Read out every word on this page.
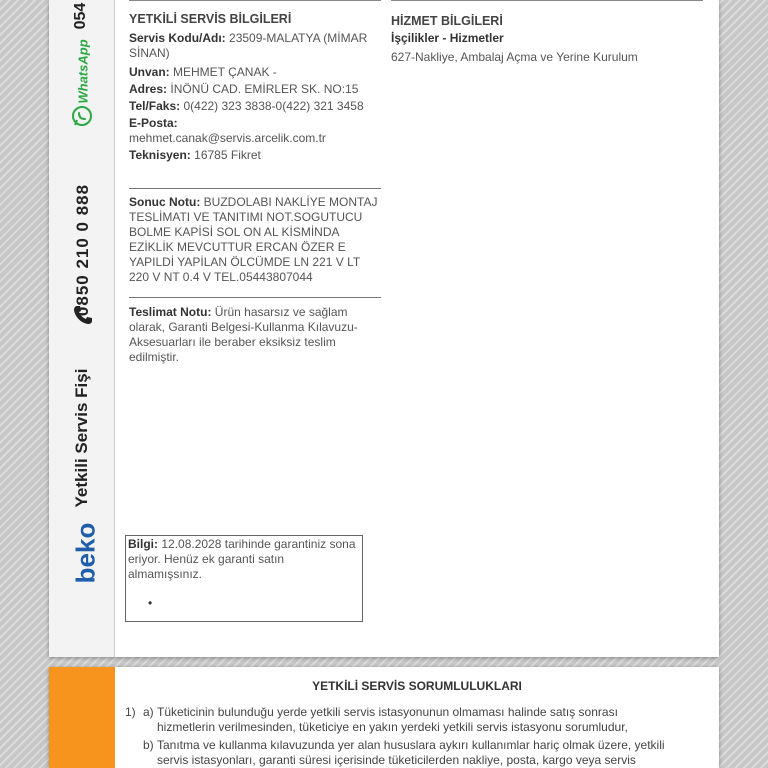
054
WhatsApp
0850 210 0 888
Yetkili Servis Fişi
beko
YETKİLİ SERVİS BİLGİLERİ
Servis Kodu/Adı: 23509-MALATYA (MİMAR SİNAN)
Unvan: MEHMET ÇANAK -
Adres: İNÖNÜ CAD. EMİRLER SK. NO:15
Tel/Faks: 0(422) 323 3838-0(422) 321 3458
E-Posta:
mehmet.canak@servis.arcelik.com.tr
Teknisyen: 16785 Fikret
Sonuc Notu: BUZDOLABI NAKLİYE MONTAJ TESLİMATI VE TANITIMI NOT.SOGUTUCU BOLME KAPİSİ SOL ON AL KİSMİNDA EZİKLİK MEVCUTTUR ERCAN ÖZER E YAPILDİ YAPİLAN ÖLCÜMDE LN 221 V LT 220 V NT 0.4 V TEL.05443807044
Teslimat Notu: Ürün hasarsız ve sağlam olarak, Garanti Belgesi-Kullanma Kılavuzu-Aksesuarları ile beraber eksiksiz teslim edilmiştir.
HİZMET BİLGİLERİ
İşçilikler - Hizmetler
627-Nakliye, Ambalaj Açma ve Yerine Kurulum
Bilgi: 12.08.2028 tarihinde garantiniz sona eriyor. Henüz ek garanti satın almamışsınız.
•
YETKİLİ SERVİS SORUMLULUKLARI
1) a) Tüketicinin bulunduğu yerde yetkili servis istasyonunun olmaması halinde satış sonrası
hizmetlerin verilmesinden, tüketiciye en yakın yerdeki yetkili servis istasyonu sorumludur,
b) Tanıtma ve kullanma kılavuzunda yer alan hususlara aykırı kullanımlar hariç olmak üzere, yetkili
servis istasyonları, garanti süresi içerisinde tüketicilerden nakliye, posta, kargo veya servis
